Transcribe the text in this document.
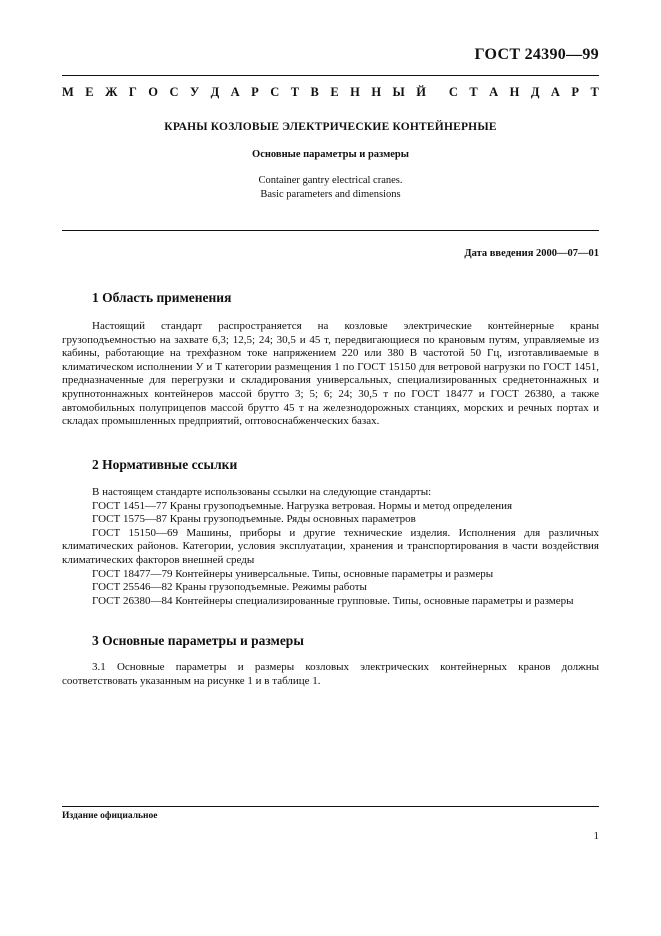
ГОСТ 24390—99
М Е Ж Г О С У Д А Р С Т В Е Н Н Ы Й С Т А Н Д А Р Т
КРАНЫ КОЗЛОВЫЕ ЭЛЕКТРИЧЕСКИЕ КОНТЕЙНЕРНЫЕ
Основные параметры и размеры
Container gantry electrical cranes.
Basic parameters and dimensions
Дата введения 2000—07—01
1 Область применения

Настоящий стандарт распространяется на козловые электрические контейнерные краны грузоподъемностью на захвате 6,3; 12,5; 24; 30,5 и 45 т, передвигающиеся по крановым путям, управляемые из кабины, работающие на трехфазном токе напряжением 220 или 380 В частотой 50 Гц, изготавливаемые в климатическом исполнении У и Т категории размещения 1 по ГОСТ 15150 для ветровой нагрузки по ГОСТ 1451, предназначенные для перегрузки и складирования универсальных, специализированных среднетоннажных и крупнотоннажных контейнеров массой брутто 3; 5; 6; 24; 30,5 т по ГОСТ 18477 и ГОСТ 26380, а также автомобильных полуприцепов массой брутто 45 т на железнодорожных станциях, морских и речных портах и складах промышленных предприятий, оптовоснабженческих базах.

2 Нормативные ссылки
В настоящем стандарте использованы ссылки на следующие стандарты:
ГОСТ 1451—77 Краны грузоподъемные. Нагрузка ветровая. Нормы и метод определения
ГОСТ 1575—87 Краны грузоподъемные. Ряды основных параметров
ГОСТ 15150—69 Машины, приборы и другие технические изделия. Исполнения для различных климатических районов. Категории, условия эксплуатации, хранения и транспортирования в части воздействия климатических факторов внешней среды
ГОСТ 18477—79 Контейнеры универсальные. Типы, основные параметры и размеры
ГОСТ 25546—82 Краны грузоподъемные. Режимы работы
ГОСТ 26380—84 Контейнеры специализированные групповые. Типы, основные параметры и размеры
3 Основные параметры и размеры

3.1 Основные параметры и размеры козловых электрических контейнерных кранов должны соответствовать указанным на рисунке 1 и в таблице 1.

Издание официальное
1
